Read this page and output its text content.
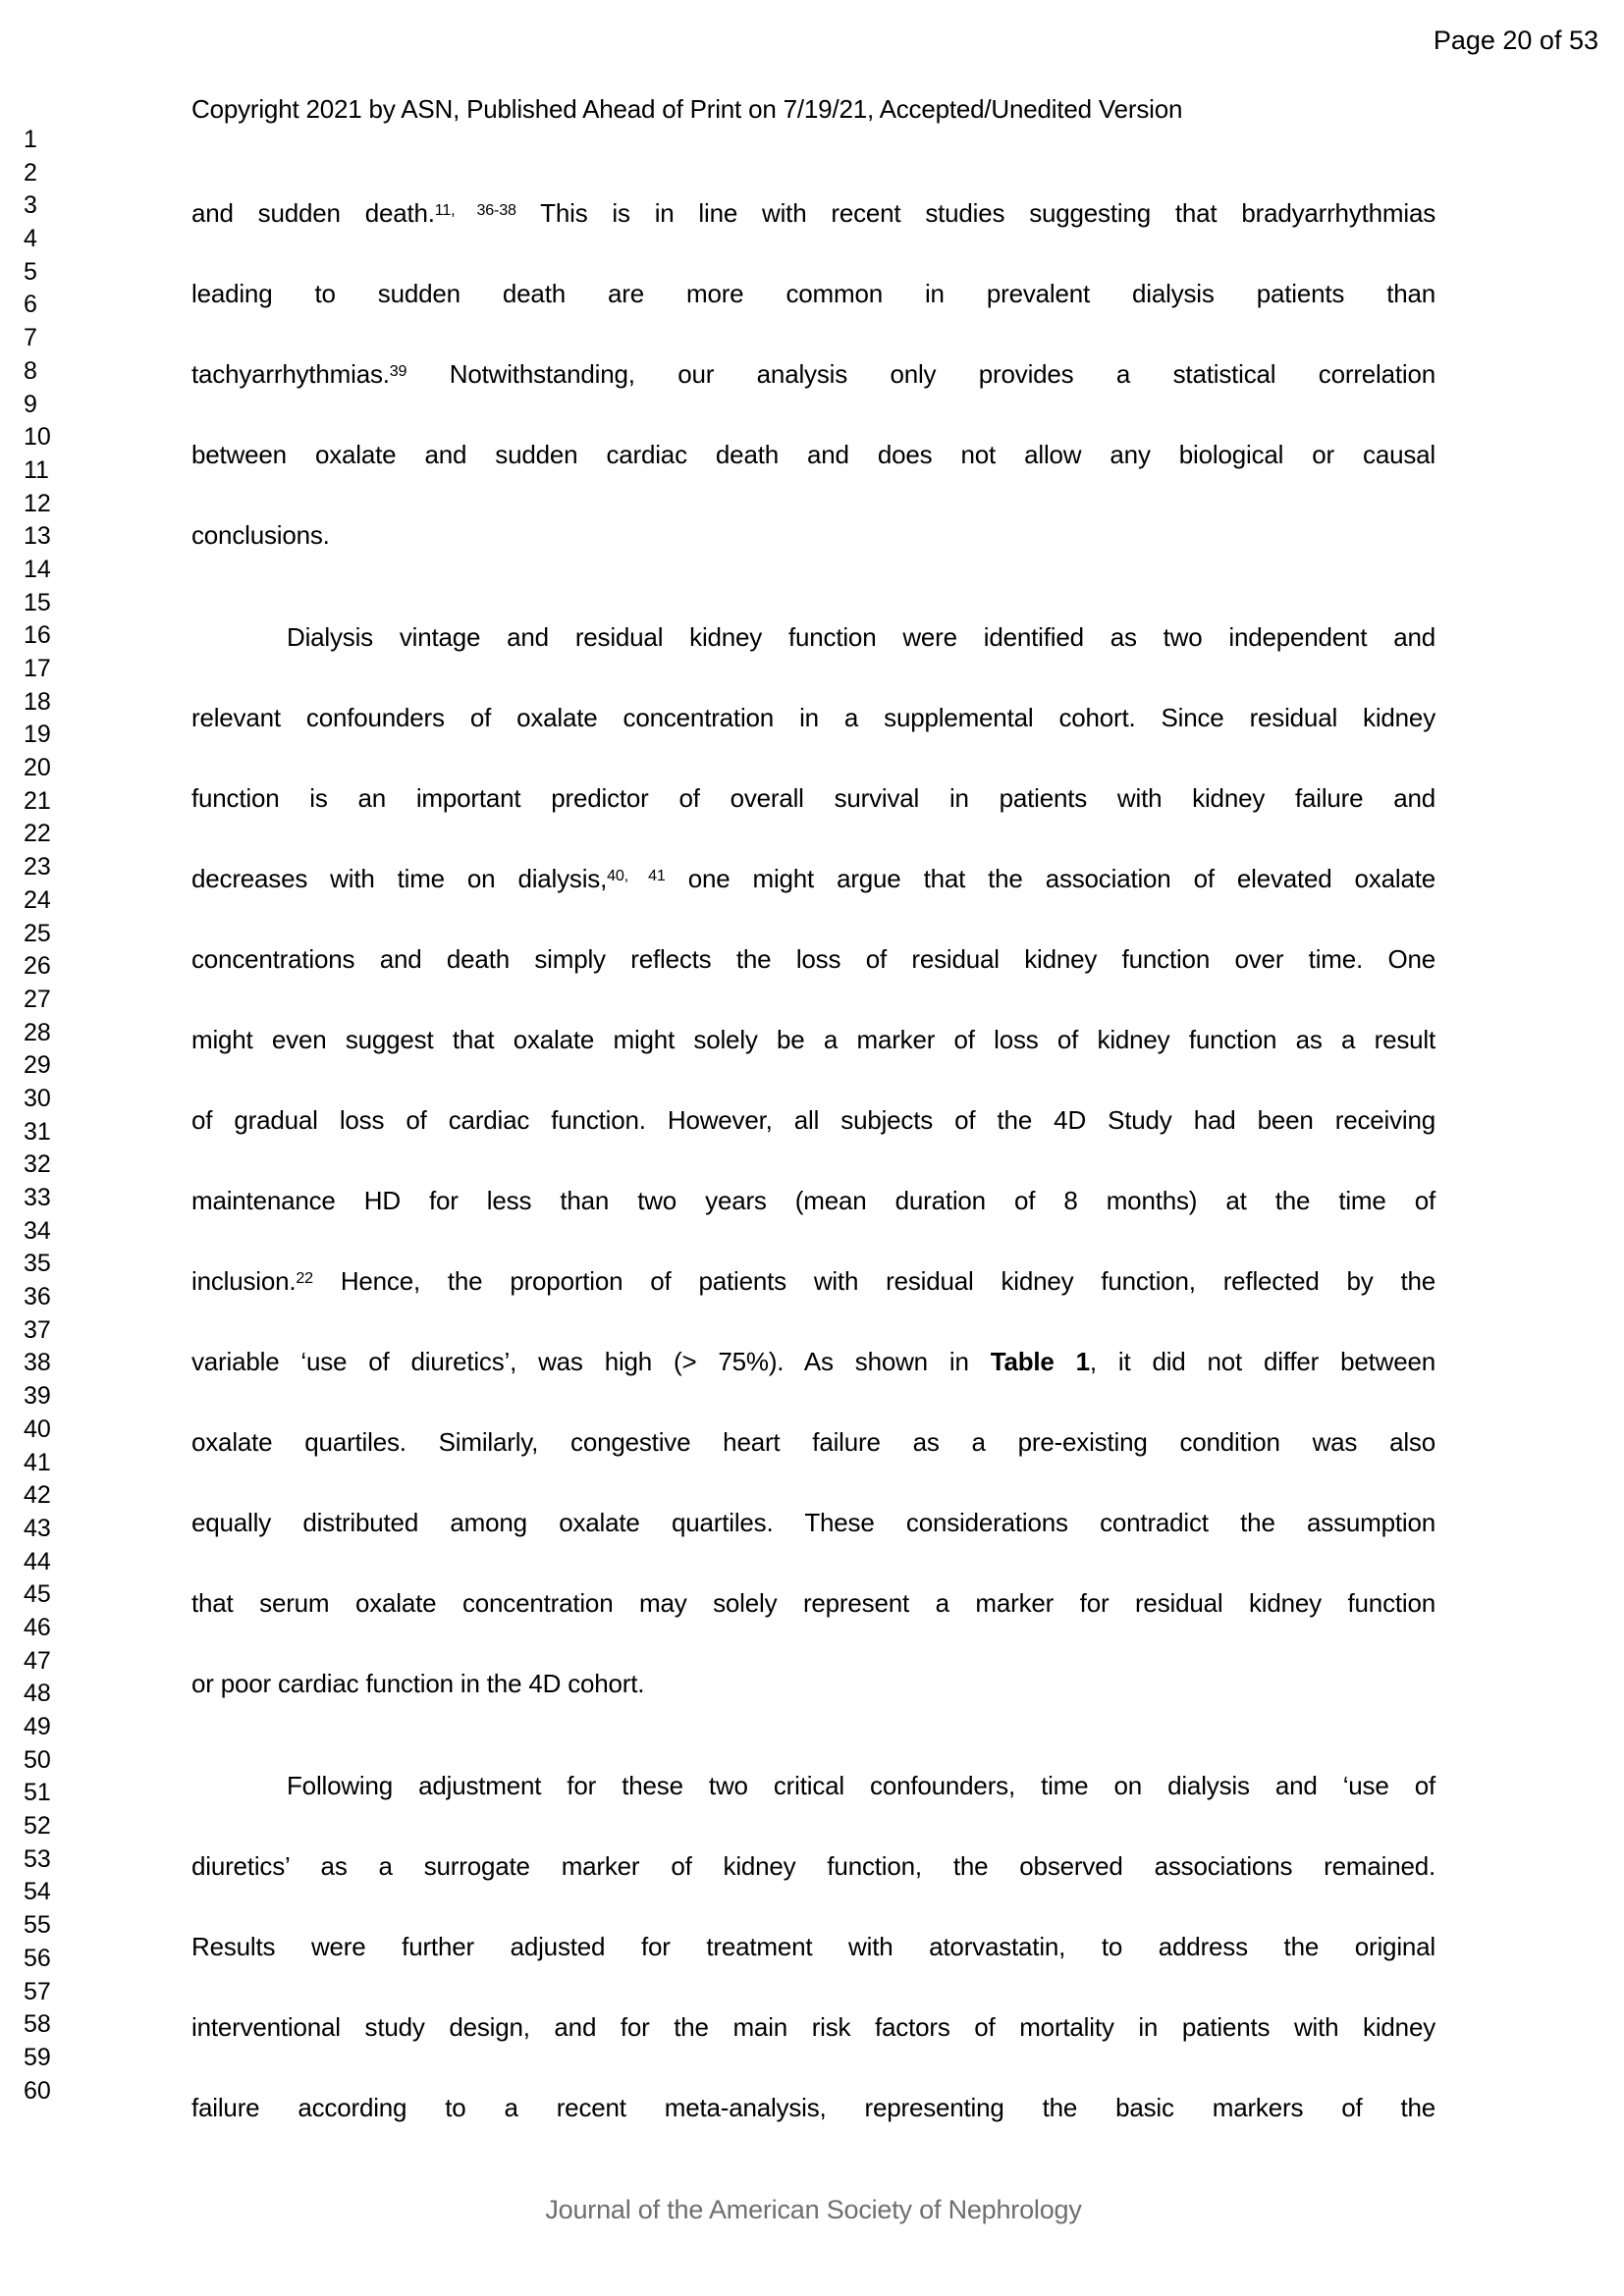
Page 20 of 53
Copyright 2021 by ASN, Published Ahead of Print on 7/19/21, Accepted/Unedited Version
1
2
3
4
5
6
7
8
9
10
11
12
13
14
15
16
17
18
19
20
21
22
23
24
25
26
27
28
29
30
31
32
33
34
35
36
37
38
39
40
41
42
43
44
45
46
47
48
49
50
51
52
53
54
55
56
57
58
59
60
and sudden death.$^{11, 36-38}$ This is in line with recent studies suggesting that bradyarrhythmias
leading to sudden death are more common in prevalent dialysis patients than
tachyarrhythmias.$^{39}$ Notwithstanding, our analysis only provides a statistical correlation
between oxalate and sudden cardiac death and does not allow any biological or causal
conclusions.
Dialysis vintage and residual kidney function were identified as two independent and
relevant confounders of oxalate concentration in a supplemental cohort. Since residual kidney
function is an important predictor of overall survival in patients with kidney failure and
decreases with time on dialysis,$^{40, 41}$ one might argue that the association of elevated oxalate
concentrations and death simply reflects the loss of residual kidney function over time. One
might even suggest that oxalate might solely be a marker of loss of kidney function as a result
of gradual loss of cardiac function. However, all subjects of the 4D Study had been receiving
maintenance HD for less than two years (mean duration of 8 months) at the time of
inclusion.$^{22}$ Hence, the proportion of patients with residual kidney function, reflected by the
variable ‘use of diuretics’, was high (> 75%). As shown in Table 1, it did not differ between
oxalate quartiles. Similarly, congestive heart failure as a pre-existing condition was also
equally distributed among oxalate quartiles. These considerations contradict the assumption
that serum oxalate concentration may solely represent a marker for residual kidney function
or poor cardiac function in the 4D cohort.
Following adjustment for these two critical confounders, time on dialysis and ‘use of
diuretics’ as a surrogate marker of kidney function, the observed associations remained.
Results were further adjusted for treatment with atorvastatin, to address the original
interventional study design, and for the main risk factors of mortality in patients with kidney
failure according to a recent meta-analysis, representing the basic markers of the
Journal of the American Society of Nephrology
